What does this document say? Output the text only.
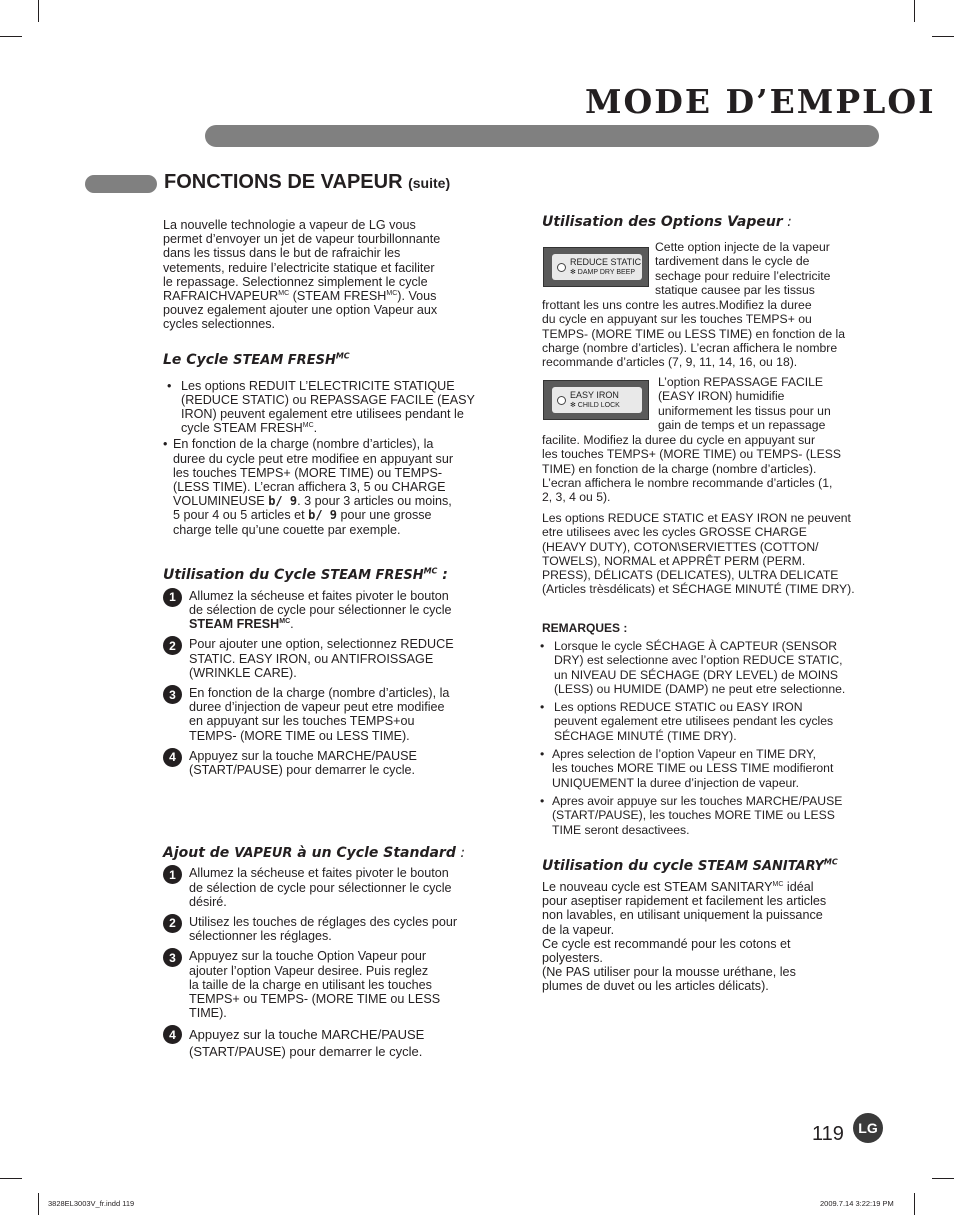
MODE D’EMPLOI
FONCTIONS DE VAPEUR (suite)
La nouvelle technologie a vapeur de LG vous
permet d’envoyer un jet de vapeur tourbillonnante
dans les tissus dans le but de rafraichir les
vetements, reduire l’electricite statique et faciliter
le repassage. Selectionnez simplement le cycle
$RAFRAICHVAPEUR^{MC}$ (STEAM $FRESH^{MC}$). Vous
pouvez egalement ajouter une option Vapeur aux
cycles selectionnes.
Le Cycle STEAM $FRESH^{MC}$
• Les options REDUIT L’ELECTRICITE STATIQUE
(REDUCE STATIC) ou REPASSAGE FACILE (EASY
IRON) peuvent egalement etre utilisees pendant le
cycle STEAM $FRESH^{MC}$.
• En fonction de la charge (nombre d’articles), la
duree du cycle peut etre modifiee en appuyant sur
les touches TEMPS+ (MORE TIME) ou TEMPS-
(LESS TIME). L’ecran affichera 3, 5 ou CHARGE
VOLUMINEUSE b/ 9. 3 pour 3 articles ou moins,
5 pour 4 ou 5 articles et b/ 9 pour une grosse
charge telle qu’une couette par exemple.
Utilisation du Cycle STEAM $FRESH^{MC}$ :
1	Allumez la sécheuse et faites pivoter le bouton
de sélection de cycle pour sélectionner le cycle
STEAM $FRESH^{MC}$.
2	Pour ajouter une option, selectionnez REDUCE
STATIC. EASY IRON, ou ANTIFROISSAGE
(WRINKLE CARE).
3	En fonction de la charge (nombre d’articles), la
duree d’injection de vapeur peut etre modifiee
en appuyant sur les touches TEMPS+ou
TEMPS- (MORE TIME ou LESS TIME).
4	Appuyez sur la touche MARCHE/PAUSE
(START/PAUSE) pour demarrer le cycle.
Ajout de VAPEUR à un Cycle Standard :
1	Allumez la sécheuse et faites pivoter le bouton
de sélection de cycle pour sélectionner le cycle
désiré.
2	Utilisez les touches de réglages des cycles pour
sélectionner les réglages.
3	Appuyez sur la touche Option Vapeur pour
ajouter l’option Vapeur desiree. Puis reglez
la taille de la charge en utilisant les touches
TEMPS+ ou TEMPS- (MORE TIME ou LESS
TIME).
4	Appuyez sur la touche MARCHE/PAUSE
(START/PAUSE) pour demarrer le cycle.
Utilisation des Options Vapeur :
REDUCE STATIC
✻ DAMP DRY BEEP
Cette option injecte de la vapeur
tardivement dans le cycle de
sechage pour reduire l’electricite
statique causee par les tissus
frottant les uns contre les autres.Modifiez la duree
du cycle en appuyant sur les touches TEMPS+ ou
TEMPS- (MORE TIME ou LESS TIME) en fonction de la
charge (nombre d’articles). L’ecran affichera le nombre
recommande d’articles (7, 9, 11, 14, 16, ou 18).
EASY IRON
✻ CHILD LOCK
L’option REPASSAGE FACILE
(EASY IRON) humidifie
uniformement les tissus pour un
gain de temps et un repassage
facilite. Modifiez la duree du cycle en appuyant sur
les touches TEMPS+ (MORE TIME) ou TEMPS- (LESS
TIME) en fonction de la charge (nombre d’articles).
L’ecran affichera le nombre recommande d’articles (1,
2, 3, 4 ou 5).
Les options REDUCE STATIC et EASY IRON ne peuvent
etre utilisees avec les cycles GROSSE CHARGE
(HEAVY DUTY), COTON\SERVIETTES (COTTON/
TOWELS), NORMAL et APPRÊT PERM (PERM.
PRESS), DÉLICATS (DELICATES), ULTRA DELICATE
(Articles trèsdélicats) et SÉCHAGE MINUTÉ (TIME DRY).
REMARQUES :
• Lorsque le cycle SÉCHAGE À CAPTEUR (SENSOR
DRY) est selectionne avec l’option REDUCE STATIC,
un NIVEAU DE SÉCHAGE (DRY LEVEL) de MOINS
(LESS) ou HUMIDE (DAMP) ne peut etre selectionne.
• Les options REDUCE STATIC ou EASY IRON
peuvent egalement etre utilisees pendant les cycles
SÉCHAGE MINUTÉ (TIME DRY).
• Apres selection de l’option Vapeur en TIME DRY,
les touches MORE TIME ou LESS TIME modifieront
UNIQUEMENT la duree d’injection de vapeur.
• Apres avoir appuye sur les touches MARCHE/PAUSE
(START/PAUSE), les touches MORE TIME ou LESS
TIME seront desactivees.
Utilisation du cycle STEAM $SANITARY^{MC}$
Le nouveau cycle est STEAM $SANITARY^{MC}$ idéal
pour aseptiser rapidement et facilement les articles
non lavables, en utilisant uniquement la puissance
de la vapeur.
Ce cycle est recommandé pour les cotons et
polyesters.
(Ne PAS utiliser pour la mousse uréthane, les
plumes de duvet ou les articles délicats).
119	LG
3828EL3003V_fr.indd 119	2009.7.14 3:22:19 PM
